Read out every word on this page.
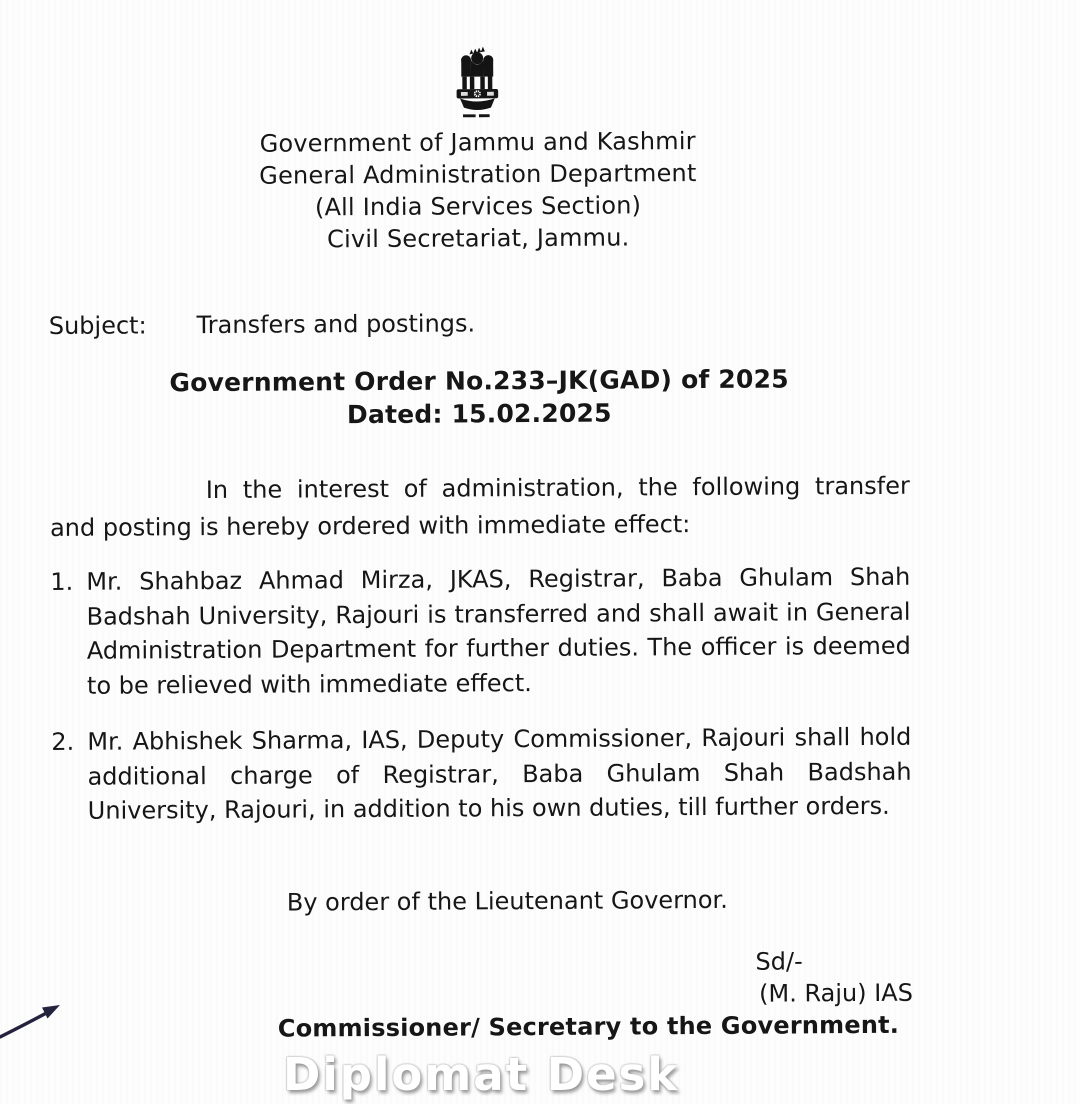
Government of Jammu and Kashmir
General Administration Department
(All India Services Section)
Civil Secretariat, Jammu.
Subject: Transfers and postings.
Government Order No.233–JK(GAD) of 2025
Dated: 15.02.2025

In the interest of administration, the following transfer and posting is hereby ordered with immediate effect:

1. Mr. Shahbaz Ahmad Mirza, JKAS, Registrar, Baba Ghulam Shah Badshah University, Rajouri is transferred and shall await in General Administration Department for further duties. The officer is deemed to be relieved with immediate effect.
2. Mr. Abhishek Sharma, IAS, Deputy Commissioner, Rajouri shall hold additional charge of Registrar, Baba Ghulam Shah Badshah University, Rajouri, in addition to his own duties, till further orders.
By order of the Lieutenant Governor.
Sd/-
(M. Raju) IAS
Commissioner/ Secretary to the Government.
Diplomat Desk
